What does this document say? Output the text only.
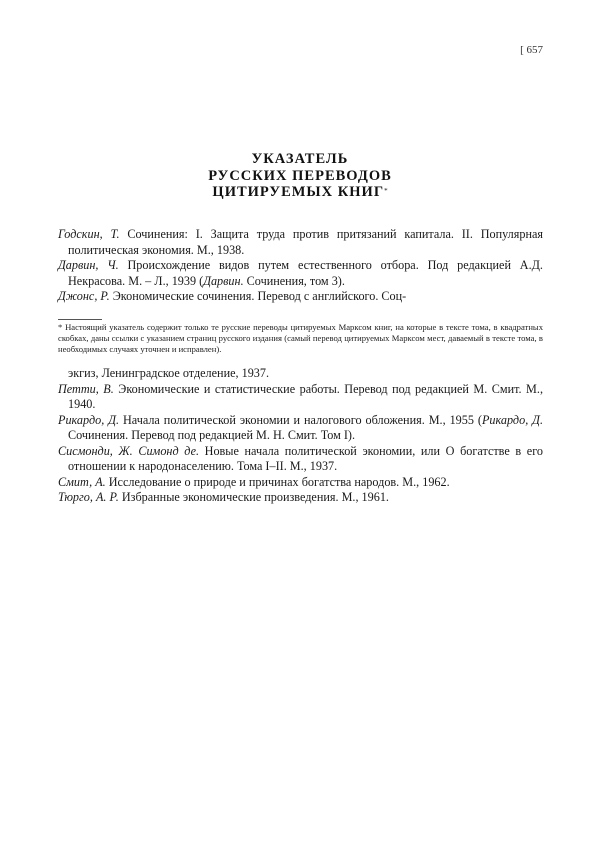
[ 657
УКАЗАТЕЛЬ
РУССКИХ ПЕРЕВОДОВ
ЦИТИРУЕМЫХ КНИГ*

Годскин, Т. Сочинения: I. Защита труда против притязаний капитала. II. Популярная политическая экономия. М., 1938.

Дарвин, Ч. Происхождение видов путем естественного отбора. Под редакцией А.Д. Некрасова. М. – Л., 1939 (Дарвин. Сочинения, том 3).

Джонс, Р. Экономические сочинения. Перевод с английского. Соц-

* Настоящий указатель содержит только те русские переводы цитируемых Марксом книг, на которые в тексте тома, в квадратных скобках, даны ссылки с указанием страниц русского издания (самый перевод цитируемых Марксом мест, даваемый в тексте тома, в необходимых случаях уточнен и исправлен).

экгиз, Ленинградское отделение, 1937.

Петти, В. Экономические и статистические работы. Перевод под редакцией М. Смит. М., 1940.

Рикардо, Д. Начала политической экономии и налогового обложения. М., 1955 (Рикардо, Д. Сочинения. Перевод под редакцией М. Н. Смит. Том I).

Сисмонди, Ж. Симонд де. Новые начала политической экономии, или О богатстве в его отношении к народонаселению. Тома I–II. М., 1937.

Смит, А. Исследование о природе и причинах богатства народов. М., 1962.

Тюрго, А. Р. Избранные экономические произведения. М., 1961.
